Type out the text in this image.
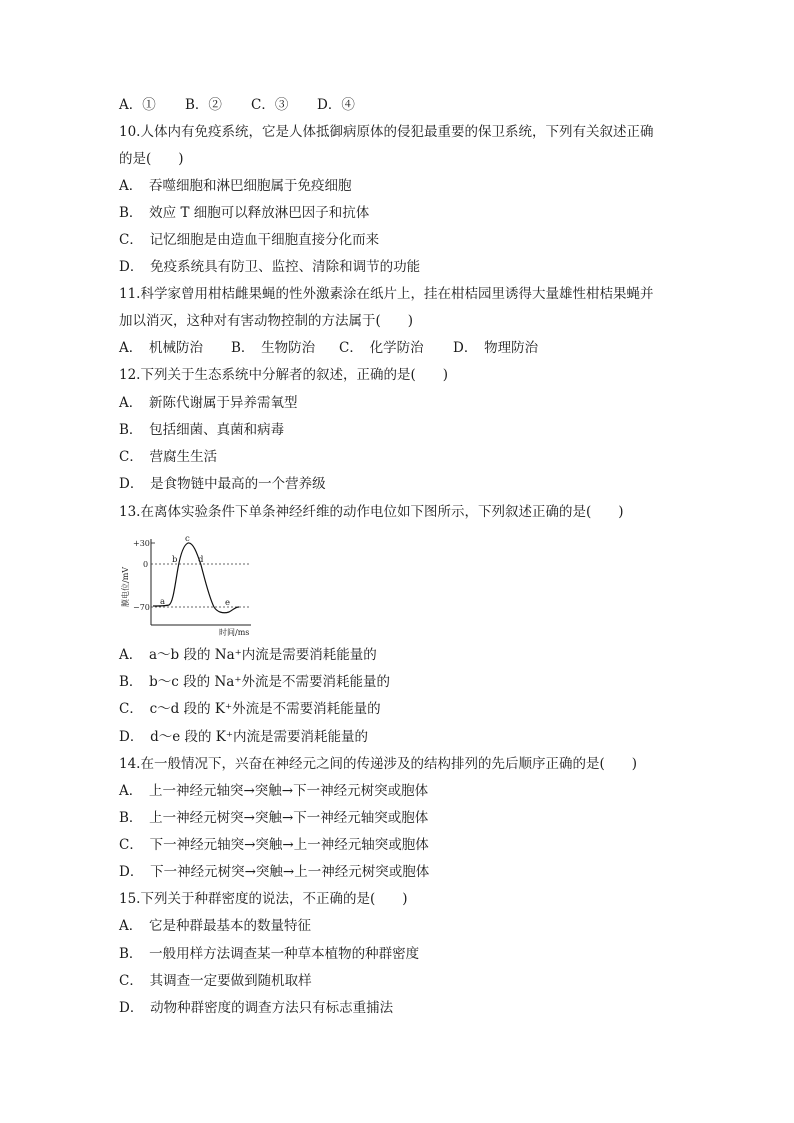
A．① B．② C．③ D．④
10.人体内有免疫系统，它是人体抵御病原体的侵犯最重要的保卫系统，下列有关叙述正确
的是(　　)
A．　吞噬细胞和淋巴细胞属于免疫细胞
B．　效应 T 细胞可以释放淋巴因子和抗体
C．　记忆细胞是由造血干细胞直接分化而来
D．　免疫系统具有防卫、监控、清除和调节的功能
11.科学家曾用柑桔雌果蝇的性外激素涂在纸片上，挂在柑桔园里诱得大量雄性柑桔果蝇并
加以消灭，这种对有害动物控制的方法属于(　　)
A．　机械防治 B．　生物防治 C．　化学防治 D．　物理防治
12.下列关于生态系统中分解者的叙述，正确的是(　　)
A．　新陈代谢属于异养需氧型
B．　包括细菌、真菌和病毒
C．　营腐生生活
D．　是食物链中最高的一个营养级
13.在离体实验条件下单条神经纤维的动作电位如下图所示，下列叙述正确的是(　　)
+30
0
−70
膜电位/mV
时间/ms
a
b
c
d
e
A．　a～b 段的 Na⁺内流是需要消耗能量的
B．　b～c 段的 Na⁺外流是不需要消耗能量的
C．　c～d 段的 K⁺外流是不需要消耗能量的
D．　d～e 段的 K⁺内流是需要消耗能量的
14.在一般情况下，兴奋在神经元之间的传递涉及的结构排列的先后顺序正确的是(　　)
A．　上一神经元轴突→突触→下一神经元树突或胞体
B．　上一神经元树突→突触→下一神经元轴突或胞体
C．　下一神经元轴突→突触→上一神经元轴突或胞体
D．　下一神经元树突→突触→上一神经元树突或胞体
15.下列关于种群密度的说法，不正确的是(　　)
A．　它是种群最基本的数量特征
B．　一般用样方法调查某一种草本植物的种群密度
C．　其调查一定要做到随机取样
D．　动物种群密度的调查方法只有标志重捕法
